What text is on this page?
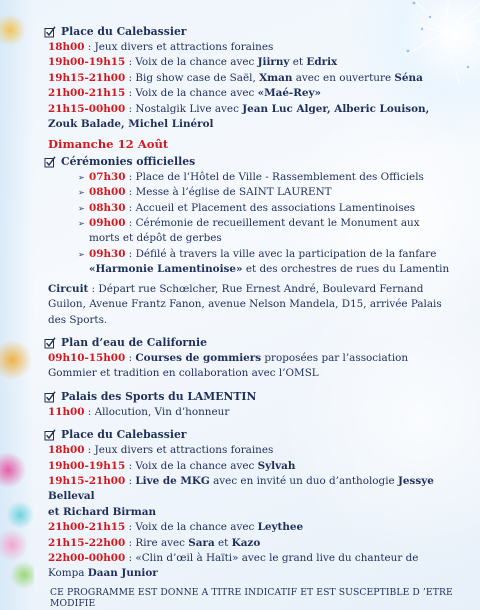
Place du Calebassier
18h00 : Jeux divers et attractions foraines
19h00-19h15 : Voix de la chance avec Jiirny et Edrix
19h15-21h00 : Big show case de Saël, Xman avec en ouverture Séna
21h00-21h15 : Voix de la chance avec «Maé-Rey»
21h15-00h00 : Nostalgik Live avec Jean Luc Alger, Alberic Louison,
Zouk Balade, Michel Linérol
Dimanche 12 Août
Cérémonies officielles
➢ 07h30 : Place de l’Hôtel de Ville - Rassemblement des Officiels
➢ 08h00 : Messe à l’église de SAINT LAURENT
➢ 08h30 : Accueil et Placement des associations Lamentinoises
➢ 09h00 : Cérémonie de recueillement devant le Monument aux morts et dépôt de gerbes
➢ 09h30 : Défilé à travers la ville avec la participation de la fanfare «Harmonie Lamentinoise» et des orchestres de rues du Lamentin
Circuit : Départ rue Schœlcher, Rue Ernest André, Boulevard Fernand Guilon, Avenue Frantz Fanon, avenue Nelson Mandela, D15, arrivée Palais des Sports.
Plan d’eau de Californie
09h10-15h00 : Courses de gommiers proposées par l’association Gommier et tradition en collaboration avec l’OMSL
Palais des Sports du LAMENTIN
11h00 : Allocution, Vin d’honneur
Place du Calebassier
18h00 : Jeux divers et attractions foraines
19h00-19h15 : Voix de la chance avec Sylvah
19h15-21h00 : Live de MKG avec en invité un duo d’anthologie Jessye Belleval
et Richard Birman
21h00-21h15 : Voix de la chance avec Leythee
21h15-22h00 : Rire avec Sara et Kazo
22h00-00h00 : «Clin d’œil à Haïti» avec le grand live du chanteur de Kompa Daan Junior
CE PROGRAMME EST DONNE A TITRE INDICATIF ET EST SUSCEPTIBLE D ’ETRE MODIFIE
